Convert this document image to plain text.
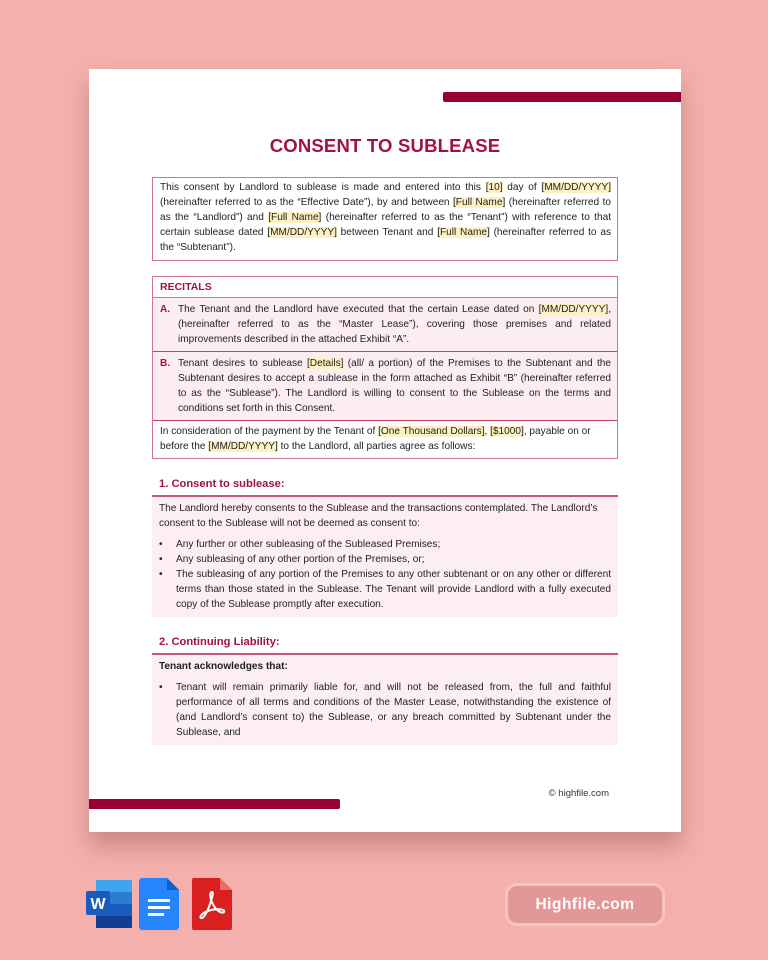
CONSENT TO SUBLEASE
This consent by Landlord to sublease is made and entered into this [10] day of [MM/DD/YYYY] (hereinafter referred to as the “Effective Date”), by and between [Full Name] (hereinafter referred to as the “Landlord”) and [Full Name] (hereinafter referred to as the “Tenant”) with reference to that certain sublease dated [MM/DD/YYYY] between Tenant and [Full Name] (hereinafter referred to as the “Subtenant”).
RECITALS
A. The Tenant and the Landlord have executed that the certain Lease dated on [MM/DD/YYYY], (hereinafter referred to as the “Master Lease”), covering those premises and related improvements described in the attached Exhibit “A”.
B. Tenant desires to sublease [Details] (all/ a portion) of the Premises to the Subtenant and the Subtenant desires to accept a sublease in the form attached as Exhibit “B” (hereinafter referred to as the “Sublease”). The Landlord is willing to consent to the Sublease on the terms and conditions set forth in this Consent.
In consideration of the payment by the Tenant of [One Thousand Dollars], [$1000], payable on or before the [MM/DD/YYYY] to the Landlord, all parties agree as follows:
1. Consent to sublease:

The Landlord hereby consents to the Sublease and the transactions contemplated. The Landlord’s consent to the Sublease will not be deemed as consent to:

•	Any further or other subleasing of the Subleased Premises;
•	Any subleasing of any other portion of the Premises, or;
•	The subleasing of any portion of the Premises to any other subtenant or on any other or different terms than those stated in the Sublease. The Tenant will provide Landlord with a fully executed copy of the Sublease promptly after execution.
2. Continuing Liability:

Tenant acknowledges that:

•	Tenant will remain primarily liable for, and will not be released from, the full and faithful performance of all terms and conditions of the Master Lease, notwithstanding the existence of (and Landlord’s consent to) the Sublease, or any breach committed by Subtenant under the Sublease, and
© highfile.com
W	Highfile.com
